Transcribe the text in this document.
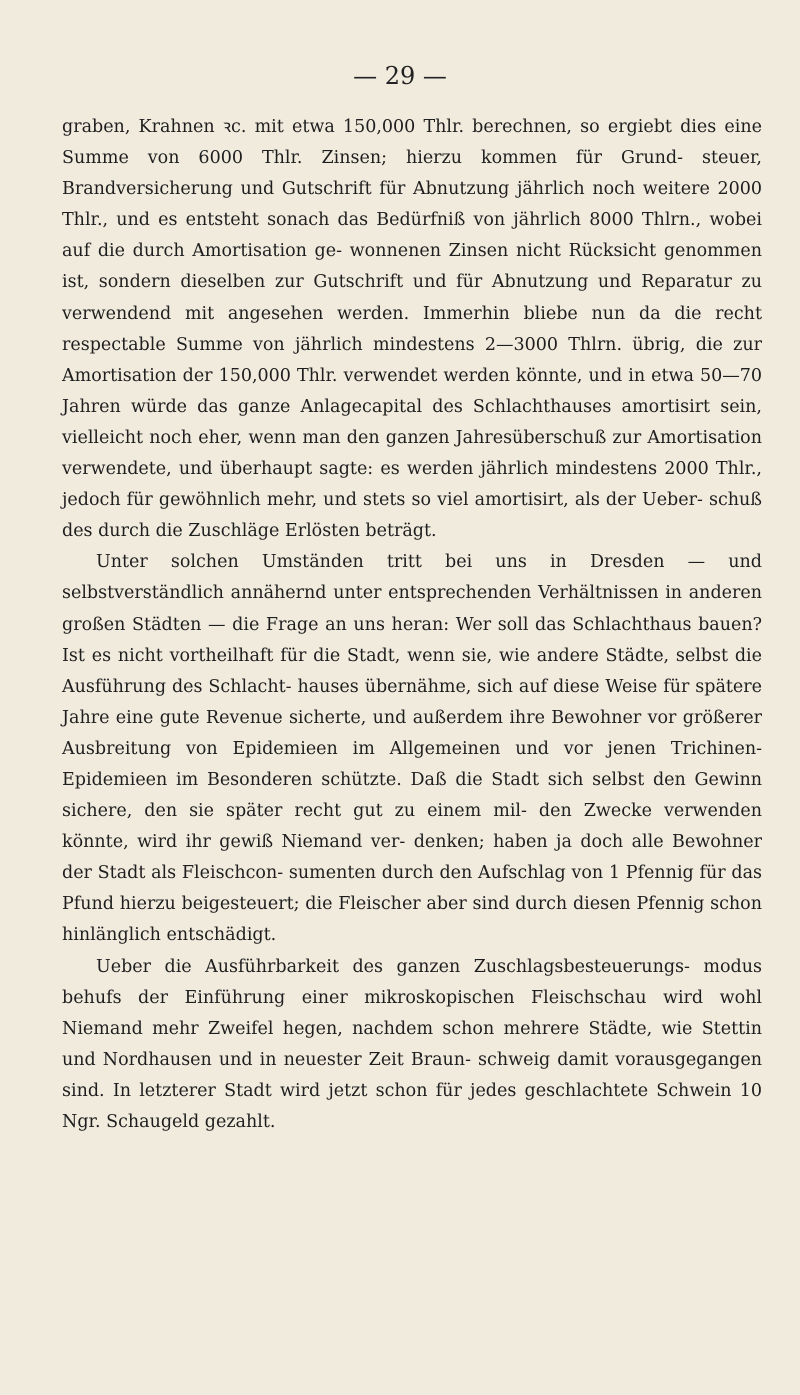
— 29 —

graben, Krahnen ꝛc. mit etwa 150,000 Thlr. berechnen, so ergiebt dies eine Summe von 6000 Thlr. Zinsen; hierzu kommen für Grund- steuer, Brandversicherung und Gutschrift für Abnutzung jährlich noch weitere 2000 Thlr., und es entsteht sonach das Bedürfniß von jährlich 8000 Thlrn., wobei auf die durch Amortisation ge- wonnenen Zinsen nicht Rücksicht genommen ist, sondern dieselben zur Gutschrift und für Abnutzung und Reparatur zu verwendend mit angesehen werden. Immerhin bliebe nun da die recht respectable Summe von jährlich mindestens 2—3000 Thlrn. übrig, die zur Amortisation der 150,000 Thlr. verwendet werden könnte, und in etwa 50—70 Jahren würde das ganze Anlagecapital des Schlachthauses amortisirt sein, vielleicht noch eher, wenn man den ganzen Jahresüberschuß zur Amortisation verwendete, und überhaupt sagte: es werden jährlich mindestens 2000 Thlr., jedoch für gewöhnlich mehr, und stets so viel amortisirt, als der Ueber- schuß des durch die Zuschläge Erlösten beträgt.

Unter solchen Umständen tritt bei uns in Dresden — und selbstverständlich annähernd unter entsprechenden Verhältnissen in anderen großen Städten — die Frage an uns heran: Wer soll das Schlachthaus bauen? Ist es nicht vortheilhaft für die Stadt, wenn sie, wie andere Städte, selbst die Ausführung des Schlacht- hauses übernähme, sich auf diese Weise für spätere Jahre eine gute Revenue sicherte, und außerdem ihre Bewohner vor größerer Ausbreitung von Epidemieen im Allgemeinen und vor jenen Trichinen-Epidemieen im Besonderen schützte. Daß die Stadt sich selbst den Gewinn sichere, den sie später recht gut zu einem mil- den Zwecke verwenden könnte, wird ihr gewiß Niemand ver- denken; haben ja doch alle Bewohner der Stadt als Fleischcon- sumenten durch den Aufschlag von 1 Pfennig für das Pfund hierzu beigesteuert; die Fleischer aber sind durch diesen Pfennig schon hinlänglich entschädigt.

Ueber die Ausführbarkeit des ganzen Zuschlagsbesteuerungs- modus behufs der Einführung einer mikroskopischen Fleischschau wird wohl Niemand mehr Zweifel hegen, nachdem schon mehrere Städte, wie Stettin und Nordhausen und in neuester Zeit Braun- schweig damit vorausgegangen sind. In letzterer Stadt wird jetzt schon für jedes geschlachtete Schwein 10 Ngr. Schaugeld gezahlt.
